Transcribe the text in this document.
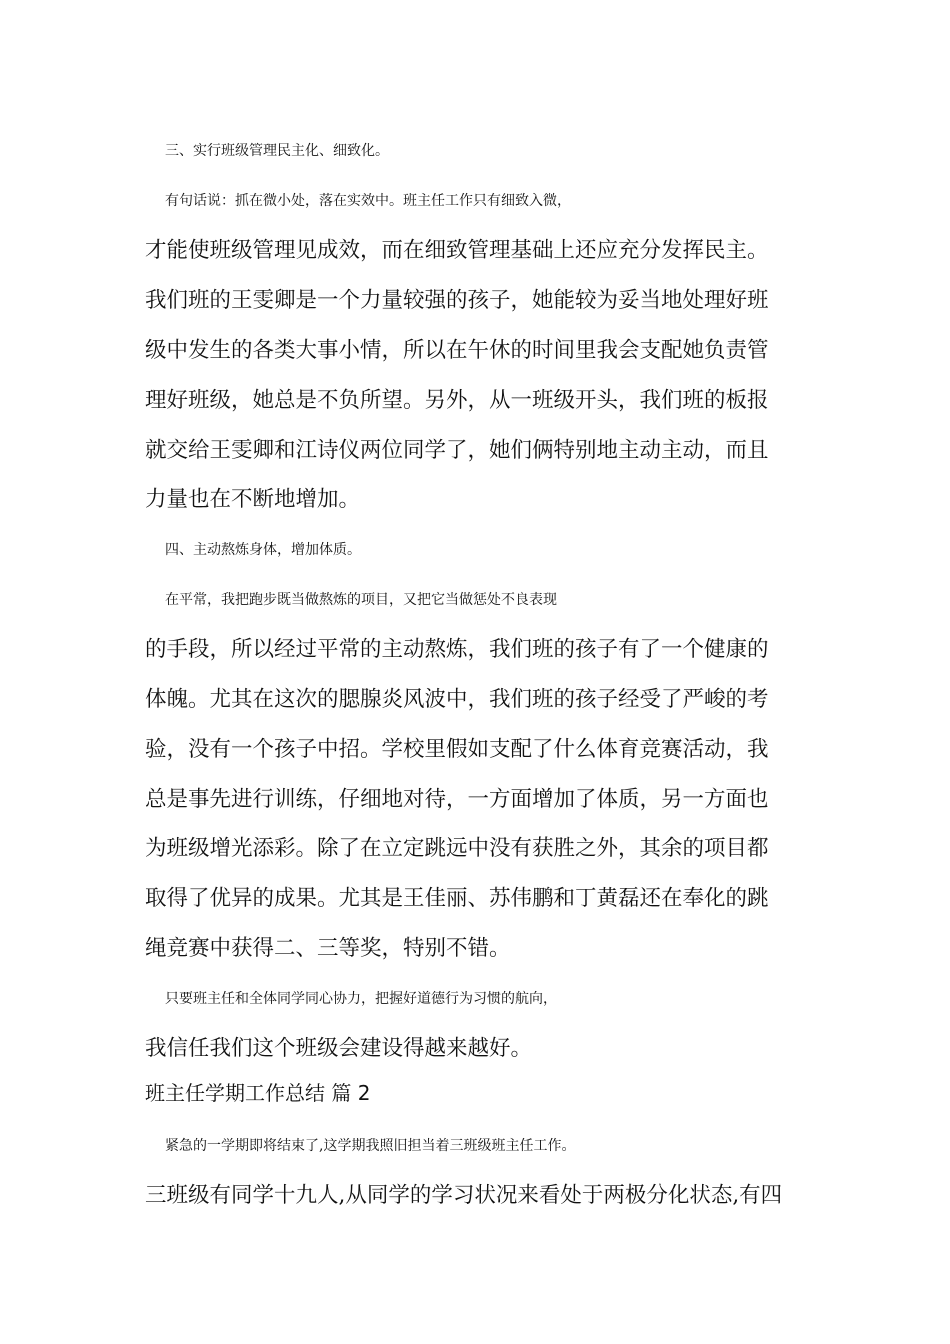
三、实行班级管理民主化、细致化。
有句话说：抓在微小处，落在实效中。班主任工作只有细致入微，
才能使班级管理见成效，而在细致管理基础上还应充分发挥民主。
我们班的王雯卿是一个力量较强的孩子，她能较为妥当地处理好班
级中发生的各类大事小情，所以在午休的时间里我会支配她负责管
理好班级，她总是不负所望。另外，从一班级开头，我们班的板报
就交给王雯卿和江诗仪两位同学了，她们俩特别地主动主动，而且
力量也在不断地增加。
四、主动熬炼身体，增加体质。
在平常，我把跑步既当做熬炼的项目，又把它当做惩处不良表现
的手段，所以经过平常的主动熬炼，我们班的孩子有了一个健康的
体魄。尤其在这次的腮腺炎风波中，我们班的孩子经受了严峻的考
验，没有一个孩子中招。学校里假如支配了什么体育竞赛活动，我
总是事先进行训练，仔细地对待，一方面增加了体质，另一方面也
为班级增光添彩。除了在立定跳远中没有获胜之外，其余的项目都
取得了优异的成果。尤其是王佳丽、苏伟鹏和丁黄磊还在奉化的跳
绳竞赛中获得二、三等奖，特别不错。
只要班主任和全体同学同心协力，把握好道德行为习惯的航向，
我信任我们这个班级会建设得越来越好。
班主任学期工作总结 篇 2
紧急的一学期即将结束了,这学期我照旧担当着三班级班主任工作。
三班级有同学十九人,从同学的学习状况来看处于两极分化状态,有四
